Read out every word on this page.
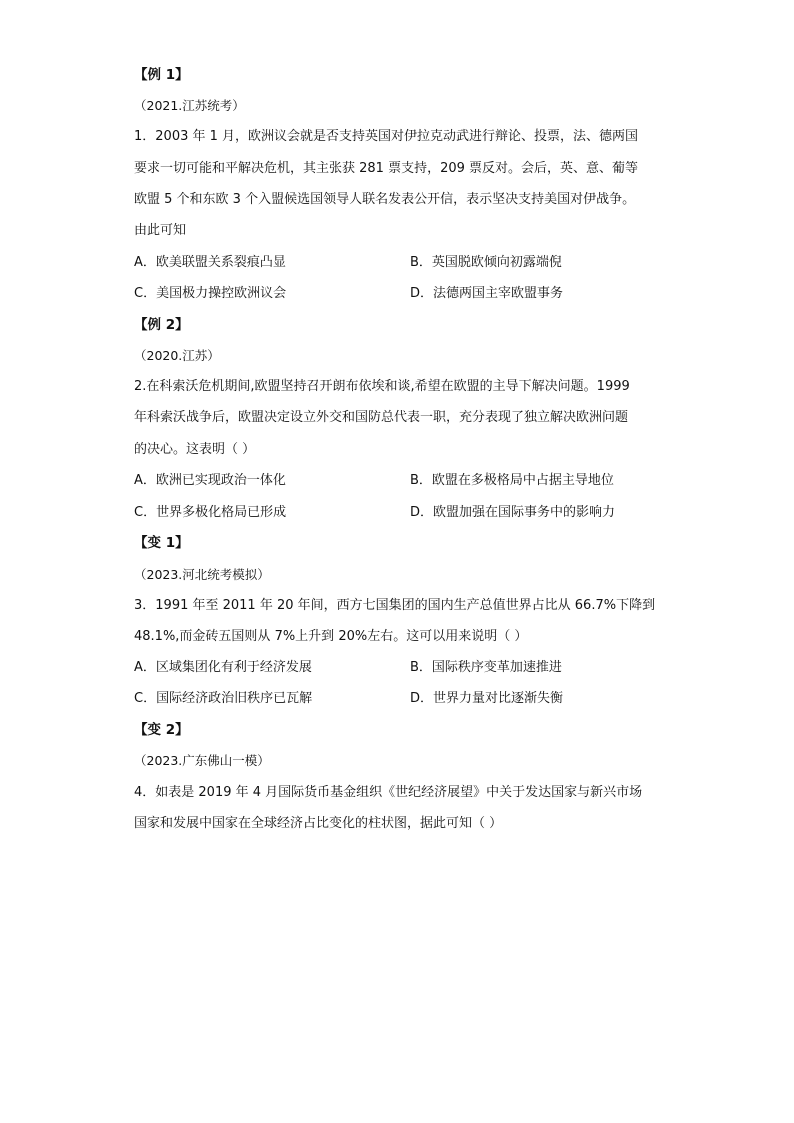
【例 1】
（2021.江苏统考）
1．2003 年 1 月，欧洲议会就是否支持英国对伊拉克动武进行辩论、投票，法、德两国
要求一切可能和平解决危机，其主张获 281 票支持，209 票反对。会后，英、意、葡等
欧盟 5 个和东欧 3 个入盟候选国领导人联名发表公开信，表示坚决支持美国对伊战争。
由此可知
A．欧美联盟关系裂痕凸显	B．英国脱欧倾向初露端倪
C．美国极力操控欧洲议会	D．法德两国主宰欧盟事务
【例 2】
（2020.江苏）
2.在科索沃危机期间,欧盟坚持召开朗布依埃和谈,希望在欧盟的主导下解决问题。1999
年科索沃战争后，欧盟决定设立外交和国防总代表一职，充分表现了独立解决欧洲问题
的决心。这表明（ ）
A．欧洲已实现政治一体化	B．欧盟在多极格局中占据主导地位
C．世界多极化格局已形成	D．欧盟加强在国际事务中的影响力
【变 1】
（2023.河北统考模拟）
3．1991 年至 2011 年 20 年间，西方七国集团的国内生产总值世界占比从 66.7%下降到
48.1%,而金砖五国则从 7%上升到 20%左右。这可以用来说明（ ）
A．区域集团化有利于经济发展	B．国际秩序变革加速推进
C．国际经济政治旧秩序已瓦解	D．世界力量对比逐渐失衡
【变 2】
（2023.广东佛山一模）
4．如表是 2019 年 4 月国际货币基金组织《世纪经济展望》中关于发达国家与新兴市场
国家和发展中国家在全球经济占比变化的柱状图，据此可知（ ）
